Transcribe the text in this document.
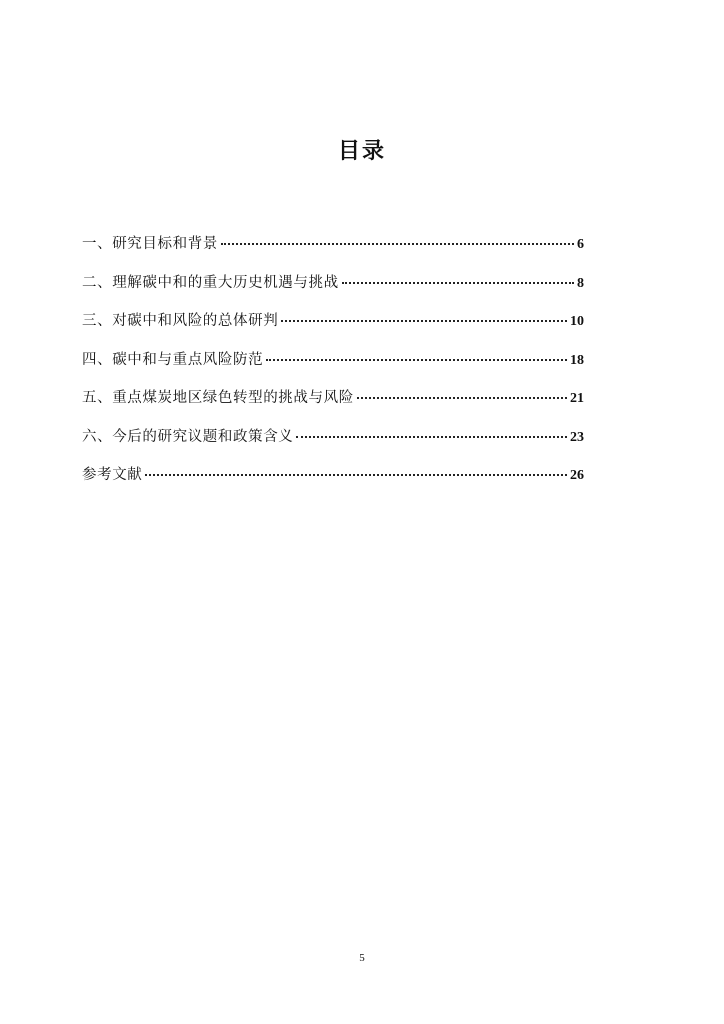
目录
一、研究目标和背景	6
二、理解碳中和的重大历史机遇与挑战	8
三、对碳中和风险的总体研判	10
四、碳中和与重点风险防范	18
五、重点煤炭地区绿色转型的挑战与风险	21
六、今后的研究议题和政策含义	23
参考文献	26
5
